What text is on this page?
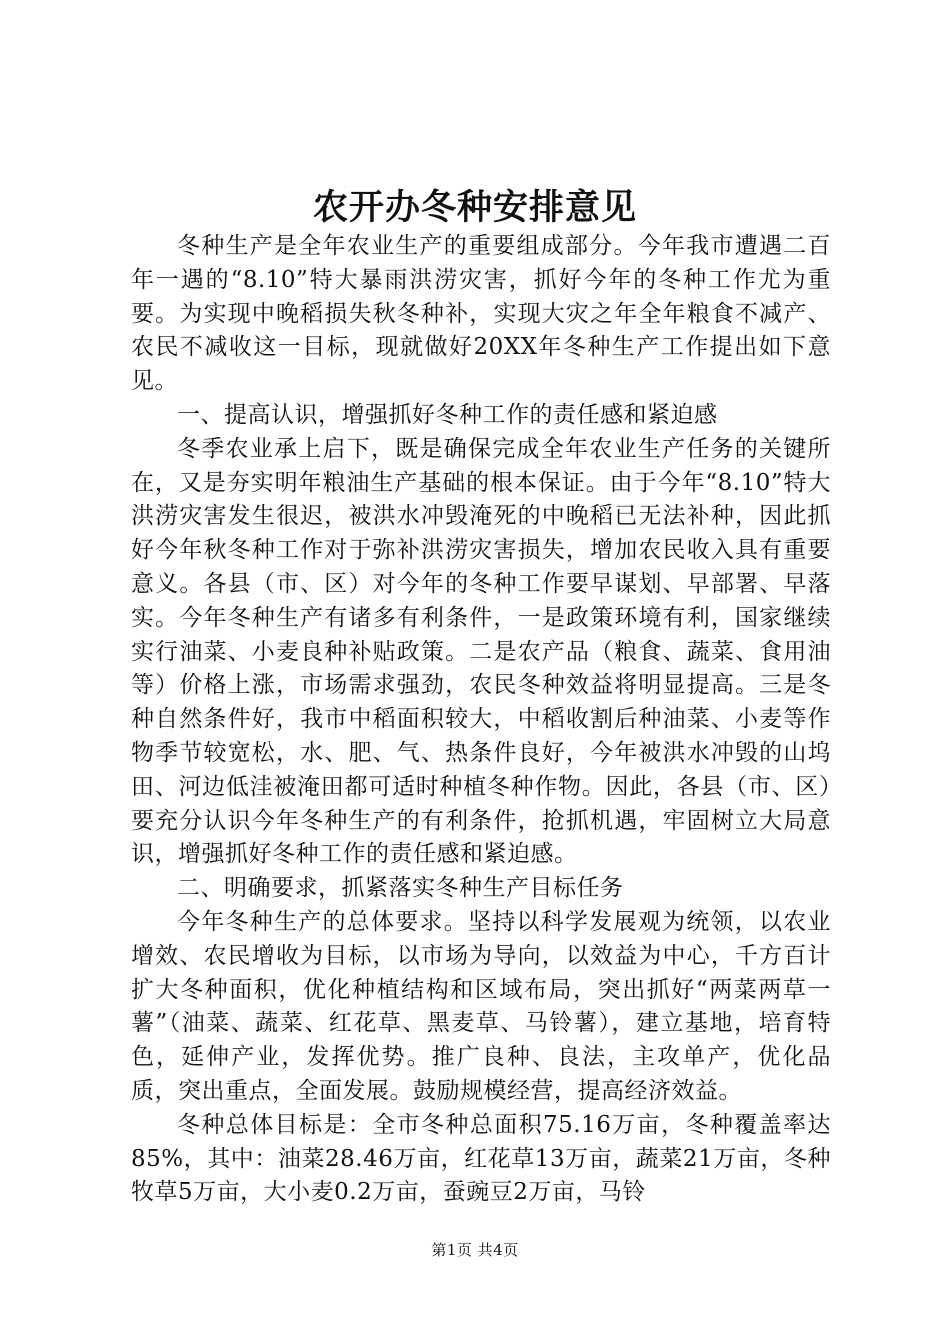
农开办冬种安排意见

冬种生产是全年农业生产的重要组成部分。今年我市遭遇二百年一遇的“8.10”特大暴雨洪涝灾害，抓好今年的冬种工作尤为重要。为实现中晚稻损失秋冬种补，实现大灾之年全年粮食不减产、农民不减收这一目标，现就做好20XX年冬种生产工作提出如下意见。

一、提高认识，增强抓好冬种工作的责任感和紧迫感

冬季农业承上启下，既是确保完成全年农业生产任务的关键所在，又是夯实明年粮油生产基础的根本保证。由于今年“8.10”特大洪涝灾害发生很迟，被洪水冲毁淹死的中晚稻已无法补种，因此抓好今年秋冬种工作对于弥补洪涝灾害损失，增加农民收入具有重要意义。各县（市、区）对今年的冬种工作要早谋划、早部署、早落实。今年冬种生产有诸多有利条件，一是政策环境有利，国家继续实行油菜、小麦良种补贴政策。二是农产品（粮食、蔬菜、食用油等）价格上涨，市场需求强劲，农民冬种效益将明显提高。三是冬种自然条件好，我市中稻面积较大，中稻收割后种油菜、小麦等作物季节较宽松，水、肥、气、热条件良好，今年被洪水冲毁的山坞田、河边低洼被淹田都可适时种植冬种作物。因此，各县（市、区）要充分认识今年冬种生产的有利条件，抢抓机遇，牢固树立大局意识，增强抓好冬种工作的责任感和紧迫感。

二、明确要求，抓紧落实冬种生产目标任务

今年冬种生产的总体要求。坚持以科学发展观为统领，以农业增效、农民增收为目标，以市场为导向，以效益为中心，千方百计扩大冬种面积，优化种植结构和区域布局，突出抓好“两菜两草一薯”（油菜、蔬菜、红花草、黑麦草、马铃薯），建立基地，培育特色，延伸产业，发挥优势。推广良种、良法，主攻单产，优化品质，突出重点，全面发展。鼓励规模经营，提高经济效益。

冬种总体目标是：全市冬种总面积75.16万亩，冬种覆盖率达85%，其中：油菜28.46万亩，红花草13万亩，蔬菜21万亩，冬种牧草5万亩，大小麦0.2万亩，蚕豌豆2万亩，马铃

第1页 共4页
